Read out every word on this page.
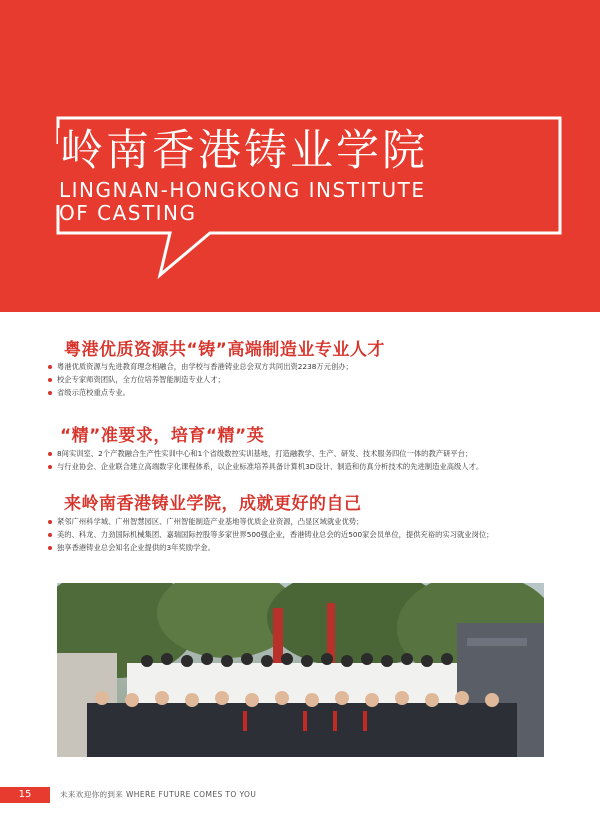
岭南香港铸业学院
LINGNAN-HONGKONG INSTITUTE
OF CASTING
粤港优质资源共“铸”高端制造业专业人才
粤港优质资源与先进教育理念相融合，由学校与香港铸业总会双方共同出资2238万元创办；
校企专家师资团队，全方位培养智能制造专业人才；
省级示范校重点专业。
“精”准要求，培育“精”英
8间实训室、2个产教融合生产性实训中心和1个省级数控实训基地，打造融教学、生产、研发、技术服务四位一体的教产研平台；
与行业协会、企业联合建立高端数字化课程体系，以企业标准培养具备计算机3D设计、制造和仿真分析技术的先进制造业高级人才。
来岭南香港铸业学院，成就更好的自己
紧邻广州科学城、广州智慧园区、广州智能制造产业基地等优质企业资源，凸显区域就业优势；
美的、科龙、力劲国际机械集团、嘉瑞国际控股等多家世界500强企业，香港铸业总会的近500家会员单位，提供充裕的实习就业岗位；
独享香港铸业总会知名企业提供的3年奖励学金。
15	未来欢迎你的到来 WHERE FUTURE COMES TO YOU
